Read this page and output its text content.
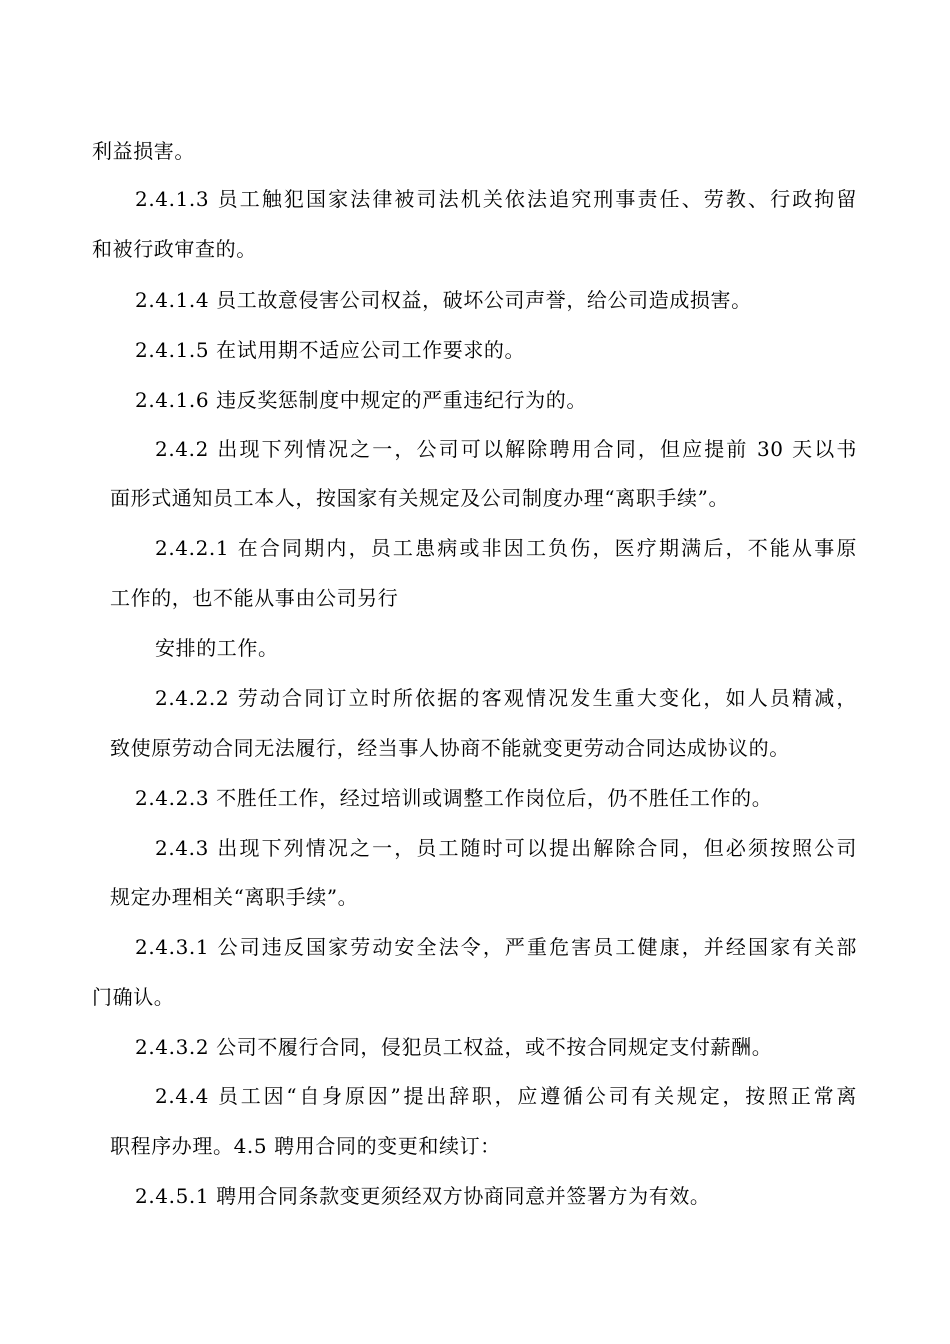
利益损害。
2.4.1.3 员工触犯国家法律被司法机关依法追究刑事责任、劳教、行政拘留
和被行政审查的。
2.4.1.4 员工故意侵害公司权益，破坏公司声誉，给公司造成损害。
2.4.1.5 在试用期不适应公司工作要求的。
2.4.1.6 违反奖惩制度中规定的严重违纪行为的。
2.4.2 出现下列情况之一，公司可以解除聘用合同，但应提前 30 天以书
面形式通知员工本人，按国家有关规定及公司制度办理“离职手续”。
2.4.2.1 在合同期内，员工患病或非因工负伤，医疗期满后，不能从事原
工作的，也不能从事由公司另行
安排的工作。
2.4.2.2 劳动合同订立时所依据的客观情况发生重大变化，如人员精减，
致使原劳动合同无法履行，经当事人协商不能就变更劳动合同达成协议的。
2.4.2.3 不胜任工作，经过培训或调整工作岗位后，仍不胜任工作的。
2.4.3 出现下列情况之一，员工随时可以提出解除合同，但必须按照公司
规定办理相关“离职手续”。
2.4.3.1 公司违反国家劳动安全法令，严重危害员工健康，并经国家有关部
门确认。
2.4.3.2 公司不履行合同，侵犯员工权益，或不按合同规定支付薪酬。
2.4.4 员工因“自身原因”提出辞职，应遵循公司有关规定，按照正常离
职程序办理。4.5 聘用合同的变更和续订：
2.4.5.1 聘用合同条款变更须经双方协商同意并签署方为有效。
